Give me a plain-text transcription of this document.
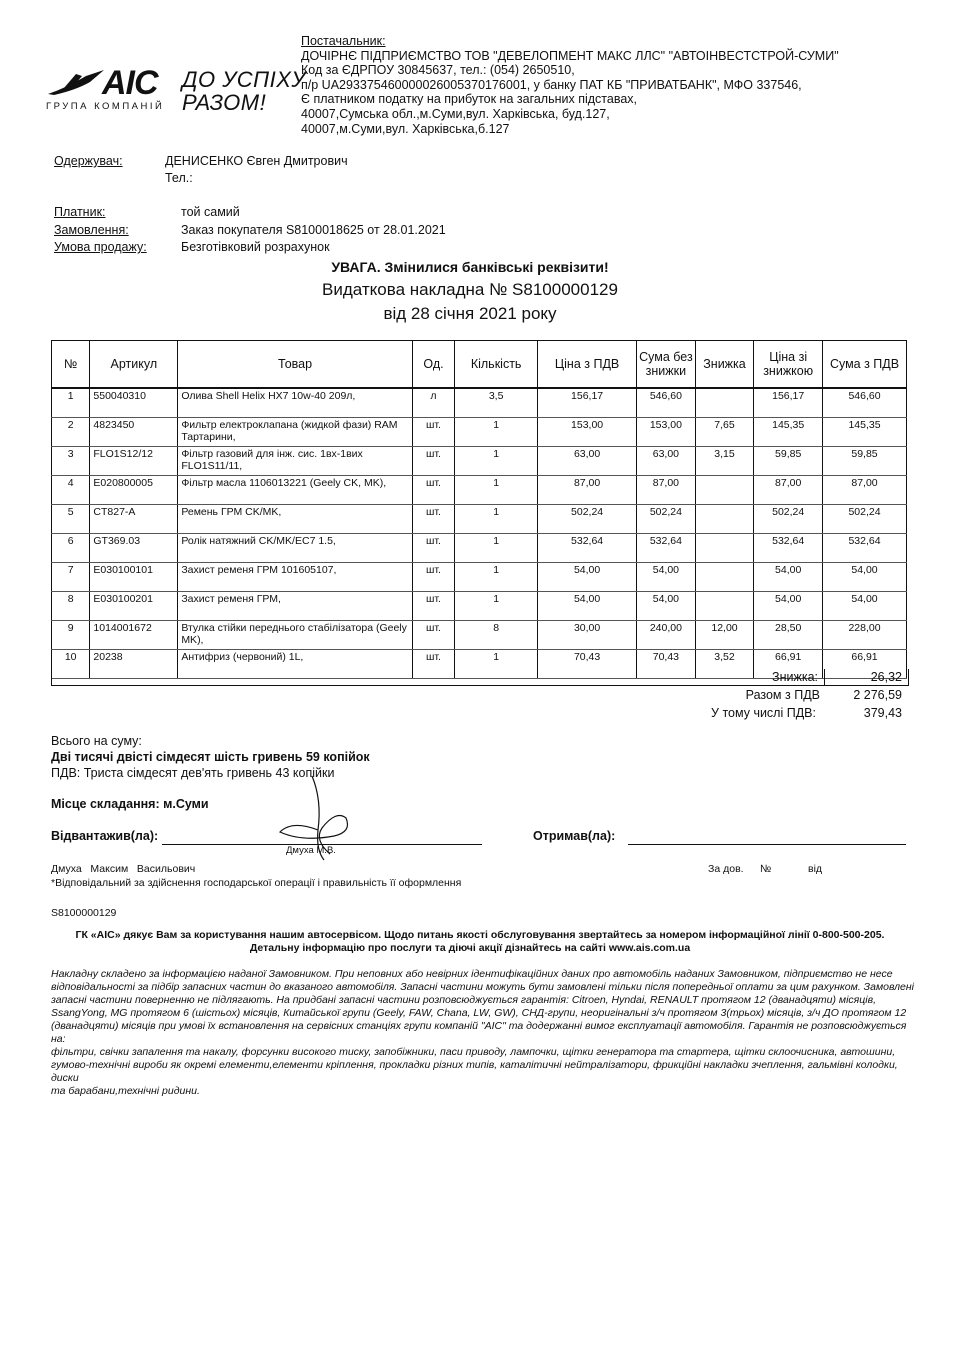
AIC
ГРУПА КОМПАНІЙ
ДО УСПІХУ
РАЗОМ!
Постачальник:
ДОЧІРНЄ ПІДПРИЄМСТВО ТОВ "ДЕВЕЛОПМЕНТ МАКС ЛЛС" "АВТОІНВЕСТСТРОЙ-СУМИ"
Код за ЄДРПОУ 30845637, тел.: (054) 2650510,
п/р UA293375460000026005370176001, у банку ПАТ КБ "ПРИВАТБАНК", МФО 337546,
Є платником податку на прибуток на загальних підставах,
40007,Сумська обл.,м.Суми,вул. Харківська, буд.127,
40007,м.Суми,вул. Харківська,б.127
Одержувач:	ДЕНИСЕНКО Євген Дмитрович
Тел.:
Платник:	той самий
Замовлення:	Заказ покупателя S8100018625 от 28.01.2021
Умова продажу:	Безготівковий розрахунок
УВАГА. Змінилися банківські реквізити!
Видаткова накладна № S8100000129
від 28 січня 2021 року
№	Артикул	Товар	Од.	Кількість	Ціна з ПДВ	Сума без знижки	Знижка	Ціна зі знижкою	Сума з ПДВ
1	550040310	Олива Shell Helix HX7 10w-40 209л,	л	3,5	156,17	546,60		156,17	546,60
2	4823450	Фильтр електроклапана (жидкой фази) RAM Тартарини,	шт.	1	153,00	153,00	7,65	145,35	145,35
3	FLO1S12/12	Фільтр газовий для інж. сис. 1вх-1вих FLO1S11/11,	шт.	1	63,00	63,00	3,15	59,85	59,85
4	E020800005	Фільтр масла 1106013221 (Geely CK, MK),	шт.	1	87,00	87,00		87,00	87,00
5	CT827-A	Ремень ГРМ CK/MK,	шт.	1	502,24	502,24		502,24	502,24
6	GT369.03	Ролік натяжний CK/MK/EC7 1.5,	шт.	1	532,64	532,64		532,64	532,64
7	E030100101	Захист ременя ГРМ 101605107,	шт.	1	54,00	54,00		54,00	54,00
8	E030100201	Захист ременя ГРМ,	шт.	1	54,00	54,00		54,00	54,00
9	1014001672	Втулка стійки переднього стабілізатора (Geely MK),	шт.	8	30,00	240,00	12,00	28,50	228,00
10	20238	Антифриз (червоний) 1L,	шт.	1	70,43	70,43	3,52	66,91	66,91
Знижка:	26,32
Разом з ПДВ	2 276,59
У тому числі ПДВ:	379,43
Всього на суму:
Дві тисячі двісті сімдесят шість гривень 59 копійок
ПДВ: Триста сімдесят дев'ять гривень 43 копійки
Місце складання: м.Суми
Відвантажив(ла):
Дмуха М.В.
Отримав(ла):
Дмуха   Максим   Васильович
*Відповідальний за здійснення господарської операції і правильність її оформлення
За дов. №	від
S8100000129
ГК «АІС» дякує Вам за користування нашим автосервісом. Щодо питань якості обслуговування звертайтесь за номером інформаційної лінії 0-800-500-205.
Детальну інформацію про послуги та діючі акції дізнайтесь на сайті www.ais.com.ua
Накладну складено за інформацією наданої Замовником. При неповних або невірних ідентифікаційних даних про автомобіль наданих Замовником, підприємство не несе
відповідальності за підбір запасних частин до вказаного автомобіля. Запасні частини можуть бути замовлені тільки після попередньої оплати за цим рахунком. Замовлені
запасні частини поверненню не підлягають. На придбані запасні частини розповсюджується гарантія: Citroen, Hyndai, RENAULT протягом 12 (дванадцяти) місяців,
SsangYong, MG протягом 6 (шістьох) місяців, Китайської групи (Geely, FAW, Chana, LW, GW), СНД-групи, неоригінальні з/ч протягом 3(трьох) місяців, з/ч ДО протягом 12
(дванадцяти) місяців при умові їх встановлення на сервісних станціях групи компаній "АІС" та додержанні вимог експлуатації автомобіля. Гарантія не розповсюджується на:
фільтри, свічки запалення та накалу, форсунки високого тиску, запобіжники, паси приводу, лампочки, щітки генератора та стартера, щітки склоочисника, автошини,
гумово-технічні вироби як окремі елементи,елементи кріплення, прокладки різних типів, каталітичні нейтралізатори, фрикційні накладки зчеплення, гальмівні колодки, диски
та барабани,технічні ридини.
